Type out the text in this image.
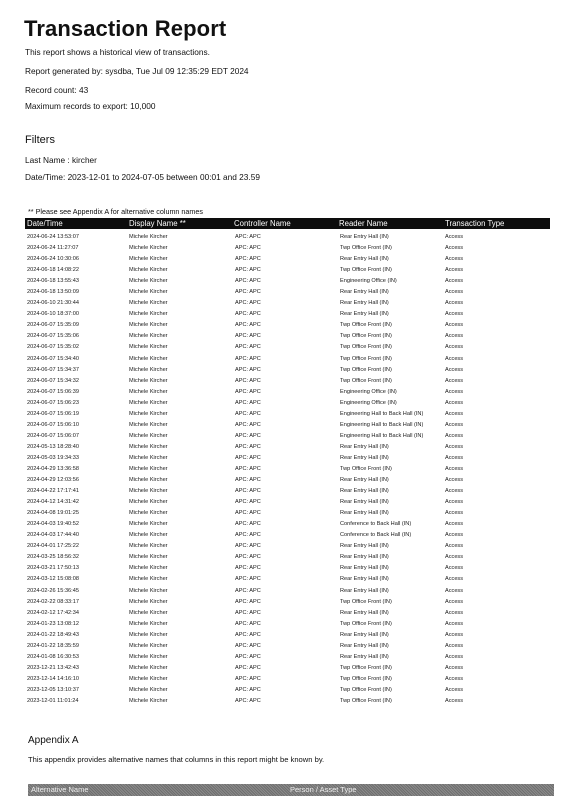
Transaction Report
This report shows a historical view of transactions.
Report generated by: sysdba, Tue Jul 09 12:35:29 EDT 2024
Record count: 43
Maximum records to export: 10,000
Filters
Last Name : kircher
Date/Time: 2023-12-01 to 2024-07-05 between 00:01 and 23.59
** Please see Appendix A for alternative column names
Date/Time	Display Name **	Controller Name	Reader Name	Transaction Type
2024-06-24 13:53:07	Michele Kircher	APC: APC	Rear Entry Hall (IN)	Access
2024-06-24 11:27:07	Michele Kircher	APC: APC	Twp Office Front (IN)	Access
2024-06-24 10:30:06	Michele Kircher	APC: APC	Rear Entry Hall (IN)	Access
2024-06-18 14:08:22	Michele Kircher	APC: APC	Twp Office Front (IN)	Access
2024-06-18 13:55:43	Michele Kircher	APC: APC	Engineering Office (IN)	Access
2024-06-18 13:50:09	Michele Kircher	APC: APC	Rear Entry Hall (IN)	Access
2024-06-10 21:30:44	Michele Kircher	APC: APC	Rear Entry Hall (IN)	Access
2024-06-10 18:37:00	Michele Kircher	APC: APC	Rear Entry Hall (IN)	Access
2024-06-07 15:35:09	Michele Kircher	APC: APC	Twp Office Front (IN)	Access
2024-06-07 15:35:06	Michele Kircher	APC: APC	Twp Office Front (IN)	Access
2024-06-07 15:35:02	Michele Kircher	APC: APC	Twp Office Front (IN)	Access
2024-06-07 15:34:40	Michele Kircher	APC: APC	Twp Office Front (IN)	Access
2024-06-07 15:34:37	Michele Kircher	APC: APC	Twp Office Front (IN)	Access
2024-06-07 15:34:32	Michele Kircher	APC: APC	Twp Office Front (IN)	Access
2024-06-07 15:06:39	Michele Kircher	APC: APC	Engineering Office (IN)	Access
2024-06-07 15:06:23	Michele Kircher	APC: APC	Engineering Office (IN)	Access
2024-06-07 15:06:19	Michele Kircher	APC: APC	Engineering Hall to Back Hall (IN)	Access
2024-06-07 15:06:10	Michele Kircher	APC: APC	Engineering Hall to Back Hall (IN)	Access
2024-06-07 15:06:07	Michele Kircher	APC: APC	Engineering Hall to Back Hall (IN)	Access
2024-05-13 18:28:40	Michele Kircher	APC: APC	Rear Entry Hall (IN)	Access
2024-05-03 19:34:33	Michele Kircher	APC: APC	Rear Entry Hall (IN)	Access
2024-04-29 13:36:58	Michele Kircher	APC: APC	Twp Office Front (IN)	Access
2024-04-29 12:03:56	Michele Kircher	APC: APC	Rear Entry Hall (IN)	Access
2024-04-22 17:17:41	Michele Kircher	APC: APC	Rear Entry Hall (IN)	Access
2024-04-12 14:31:42	Michele Kircher	APC: APC	Rear Entry Hall (IN)	Access
2024-04-08 19:01:25	Michele Kircher	APC: APC	Rear Entry Hall (IN)	Access
2024-04-03 19:40:52	Michele Kircher	APC: APC	Conference to Back Hall (IN)	Access
2024-04-03 17:44:40	Michele Kircher	APC: APC	Conference to Back Hall (IN)	Access
2024-04-01 17:25:22	Michele Kircher	APC: APC	Rear Entry Hall (IN)	Access
2024-03-25 18:56:32	Michele Kircher	APC: APC	Rear Entry Hall (IN)	Access
2024-03-21 17:50:13	Michele Kircher	APC: APC	Rear Entry Hall (IN)	Access
2024-03-12 15:08:08	Michele Kircher	APC: APC	Rear Entry Hall (IN)	Access
2024-02-26 15:36:45	Michele Kircher	APC: APC	Rear Entry Hall (IN)	Access
2024-02-22 08:33:17	Michele Kircher	APC: APC	Twp Office Front (IN)	Access
2024-02-12 17:42:34	Michele Kircher	APC: APC	Rear Entry Hall (IN)	Access
2024-01-23 13:08:12	Michele Kircher	APC: APC	Twp Office Front (IN)	Access
2024-01-22 18:49:43	Michele Kircher	APC: APC	Rear Entry Hall (IN)	Access
2024-01-22 18:35:59	Michele Kircher	APC: APC	Rear Entry Hall (IN)	Access
2024-01-08 16:30:53	Michele Kircher	APC: APC	Rear Entry Hall (IN)	Access
2023-12-21 13:42:43	Michele Kircher	APC: APC	Twp Office Front (IN)	Access
2023-12-14 14:16:10	Michele Kircher	APC: APC	Twp Office Front (IN)	Access
2023-12-05 13:10:37	Michele Kircher	APC: APC	Twp Office Front (IN)	Access
2023-12-01 11:01:24	Michele Kircher	APC: APC	Twp Office Front (IN)	Access
Appendix A
This appendix provides alternative names that columns in this report might be known by.
Alternative Name	Person / Asset Type
